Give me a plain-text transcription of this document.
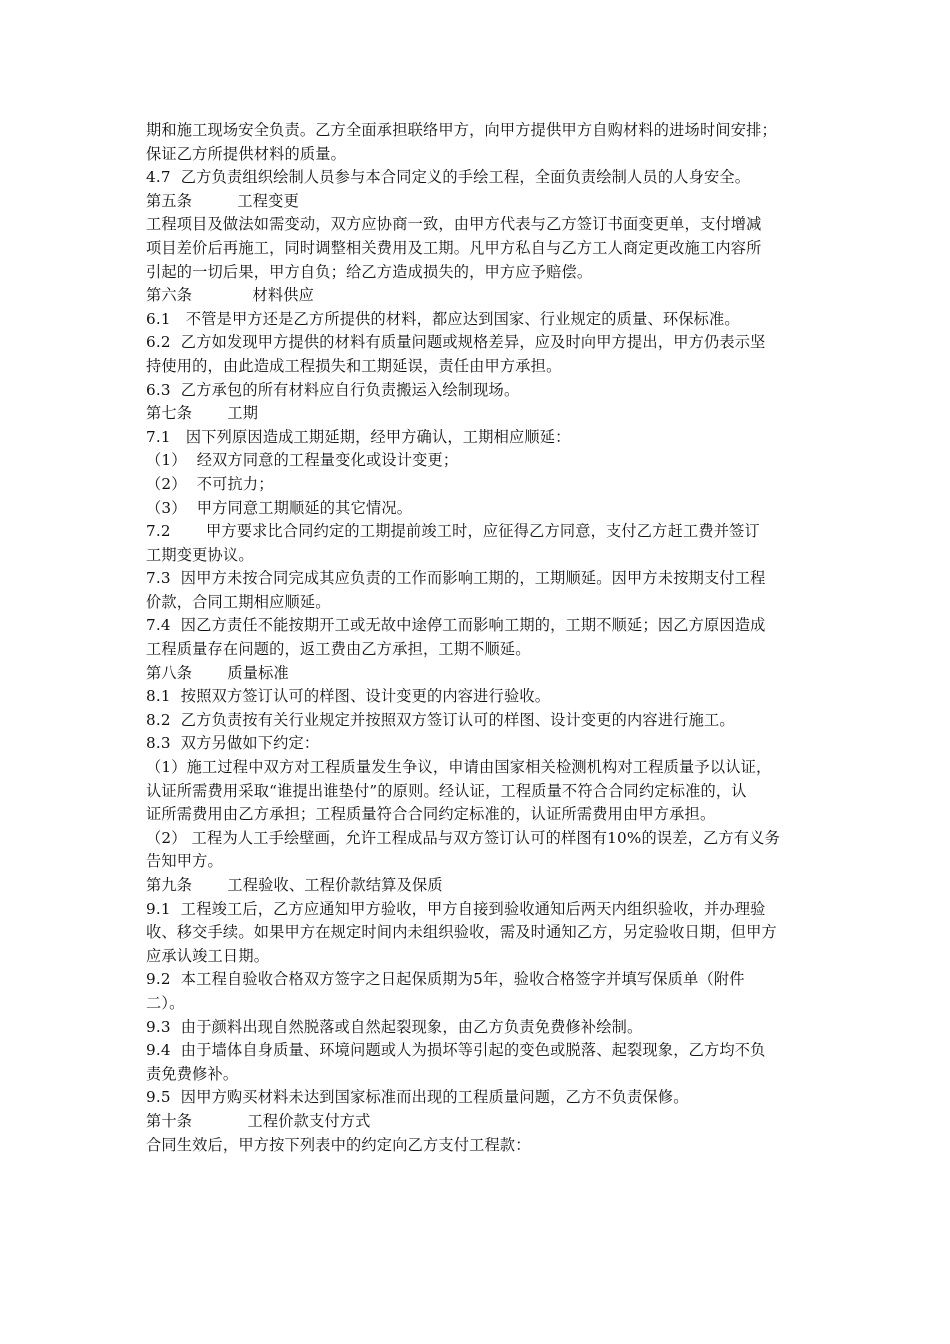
期和施工现场安全负责。乙方全面承担联络甲方，向甲方提供甲方自购材料的进场时间安排；
保证乙方所提供材料的质量。
4.7  乙方负责组织绘制人员参与本合同定义的手绘工程，全面负责绘制人员的人身安全。
第五条         工程变更
工程项目及做法如需变动，双方应协商一致，由甲方代表与乙方签订书面变更单，支付增减
项目差价后再施工，同时调整相关费用及工期。凡甲方私自与乙方工人商定更改施工内容所
引起的一切后果，甲方自负；给乙方造成损失的，甲方应予赔偿。
第六条            材料供应
6.1   不管是甲方还是乙方所提供的材料，都应达到国家、行业规定的质量、环保标准。
6.2  乙方如发现甲方提供的材料有质量问题或规格差异，应及时向甲方提出，甲方仍表示坚
持使用的，由此造成工程损失和工期延误，责任由甲方承担。
6.3  乙方承包的所有材料应自行负责搬运入绘制现场。
第七条       工期
7.1   因下列原因造成工期延期，经甲方确认，工期相应顺延：
（1）  经双方同意的工程量变化或设计变更；
（2）  不可抗力；
（3）  甲方同意工期顺延的其它情况。
7.2       甲方要求比合同约定的工期提前竣工时，应征得乙方同意，支付乙方赶工费并签订
工期变更协议。
7.3  因甲方未按合同完成其应负责的工作而影响工期的，工期顺延。因甲方未按期支付工程
价款，合同工期相应顺延。
7.4  因乙方责任不能按期开工或无故中途停工而影响工期的，工期不顺延；因乙方原因造成
工程质量存在问题的，返工费由乙方承担，工期不顺延。
第八条       质量标准
8.1  按照双方签订认可的样图、设计变更的内容进行验收。
8.2  乙方负责按有关行业规定并按照双方签订认可的样图、设计变更的内容进行施工。
8.3  双方另做如下约定：
（1）施工过程中双方对工程质量发生争议，申请由国家相关检测机构对工程质量予以认证，
认证所需费用采取“谁提出谁垫付”的原则。经认证，工程质量不符合合同约定标准的，认
证所需费用由乙方承担；工程质量符合合同约定标准的，认证所需费用由甲方承担。
（2） 工程为人工手绘壁画，允许工程成品与双方签订认可的样图有10%的误差，乙方有义务
告知甲方。
第九条       工程验收、工程价款结算及保质
9.1  工程竣工后，乙方应通知甲方验收，甲方自接到验收通知后两天内组织验收，并办理验
收、移交手续。如果甲方在规定时间内未组织验收，需及时通知乙方，另定验收日期，但甲方
应承认竣工日期。
9.2  本工程自验收合格双方签字之日起保质期为5年，验收合格签字并填写保质单（附件
二）。
9.3  由于颜料出现自然脱落或自然起裂现象，由乙方负责免费修补绘制。
9.4  由于墙体自身质量、环境问题或人为损坏等引起的变色或脱落、起裂现象，乙方均不负
责免费修补。
9.5  因甲方购买材料未达到国家标准而出现的工程质量问题，乙方不负责保修。
第十条           工程价款支付方式
合同生效后，甲方按下列表中的约定向乙方支付工程款：
